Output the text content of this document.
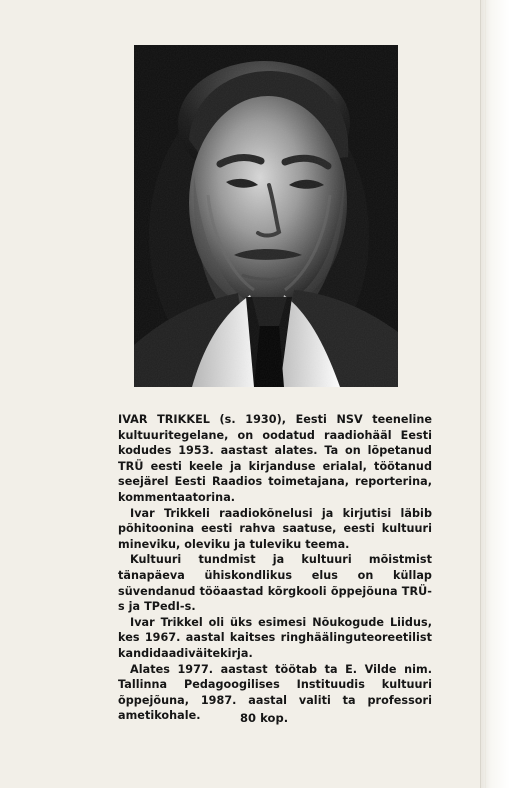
IVAR TRIKKEL (s. 1930), Eesti NSV teeneline kultuuritegelane, on oodatud raadiohääl Eesti kodudes 1953. aastast alates. Ta on lõpetanud TRÜ eesti keele ja kirjanduse erialal, töötanud seejärel Eesti Raadios toimetajana, reporterina, kommentaatorina.

Ivar Trikkeli raadiokõnelusi ja kirjutisi läbib põhitoonina eesti rahva saatuse, eesti kultuuri mineviku, oleviku ja tuleviku teema.

Kultuuri tundmist ja kultuuri mõistmist tänapäeva ühiskondlikus elus on küllap süvendanud tööaastad kõrgkooli õppejõuna TRÜ-s ja TPedI-s.

Ivar Trikkel oli üks esimesi Nõukogude Liidus, kes 1967. aastal kaitses ringhäälinguteoreetilist kandidaadiväitekirja.

Alates 1977. aastast töötab ta E. Vilde nim. Tallinna Pedagoogilises Instituudis kultuuri õppejõuna, 1987. aastal valiti ta professori ametikohale.	80 kop.
